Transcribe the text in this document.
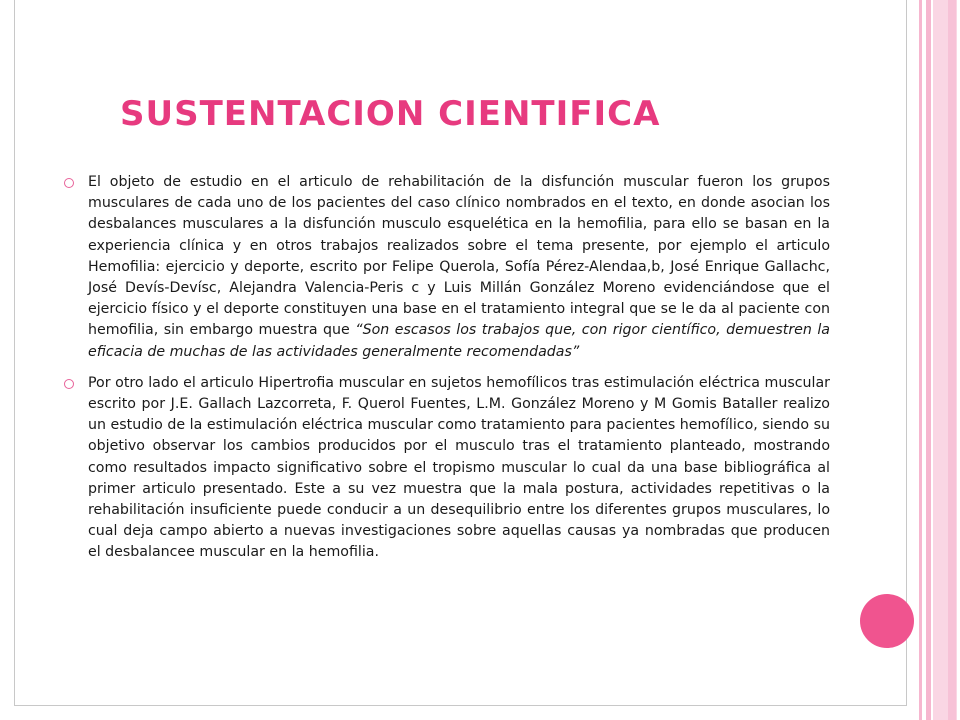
SUSTENTACION CIENTIFICA
El objeto de estudio en el articulo de rehabilitación de la disfunción muscular fueron los grupos musculares de cada uno de los pacientes del caso clínico nombrados en el texto, en donde asocian los desbalances musculares a la disfunción musculo esquelética en la hemofilia, para ello se basan en la experiencia clínica y en otros trabajos realizados sobre el tema presente, por ejemplo el articulo Hemofilia: ejercicio y deporte, escrito por Felipe Querola, Sofía Pérez-Alendaa,b, José Enrique Gallachc, José Devís-Devísc, Alejandra Valencia-Peris c y Luis Millán González Moreno evidenciándose que el ejercicio físico y el deporte constituyen una base en el tratamiento integral que se le da al paciente con hemofilia, sin embargo muestra que “Son escasos los trabajos que, con rigor científico, demuestren la eficacia de muchas de las actividades generalmente recomendadas”
Por otro lado el articulo Hipertrofia muscular en sujetos hemofílicos tras estimulación eléctrica muscular escrito por J.E. Gallach Lazcorreta, F. Querol Fuentes, L.M. González Moreno y M Gomis Bataller realizo un estudio de la estimulación eléctrica muscular como tratamiento para pacientes hemofílico, siendo su objetivo observar los cambios producidos por el musculo tras el tratamiento planteado, mostrando como resultados impacto significativo sobre el tropismo muscular lo cual da una base bibliográfica al primer articulo presentado. Este a su vez muestra que la mala postura, actividades repetitivas o la rehabilitación insuficiente puede conducir a un desequilibrio entre los diferentes grupos musculares, lo cual deja campo abierto a nuevas investigaciones sobre aquellas causas ya nombradas que producen el desbalancee muscular en la hemofilia.
